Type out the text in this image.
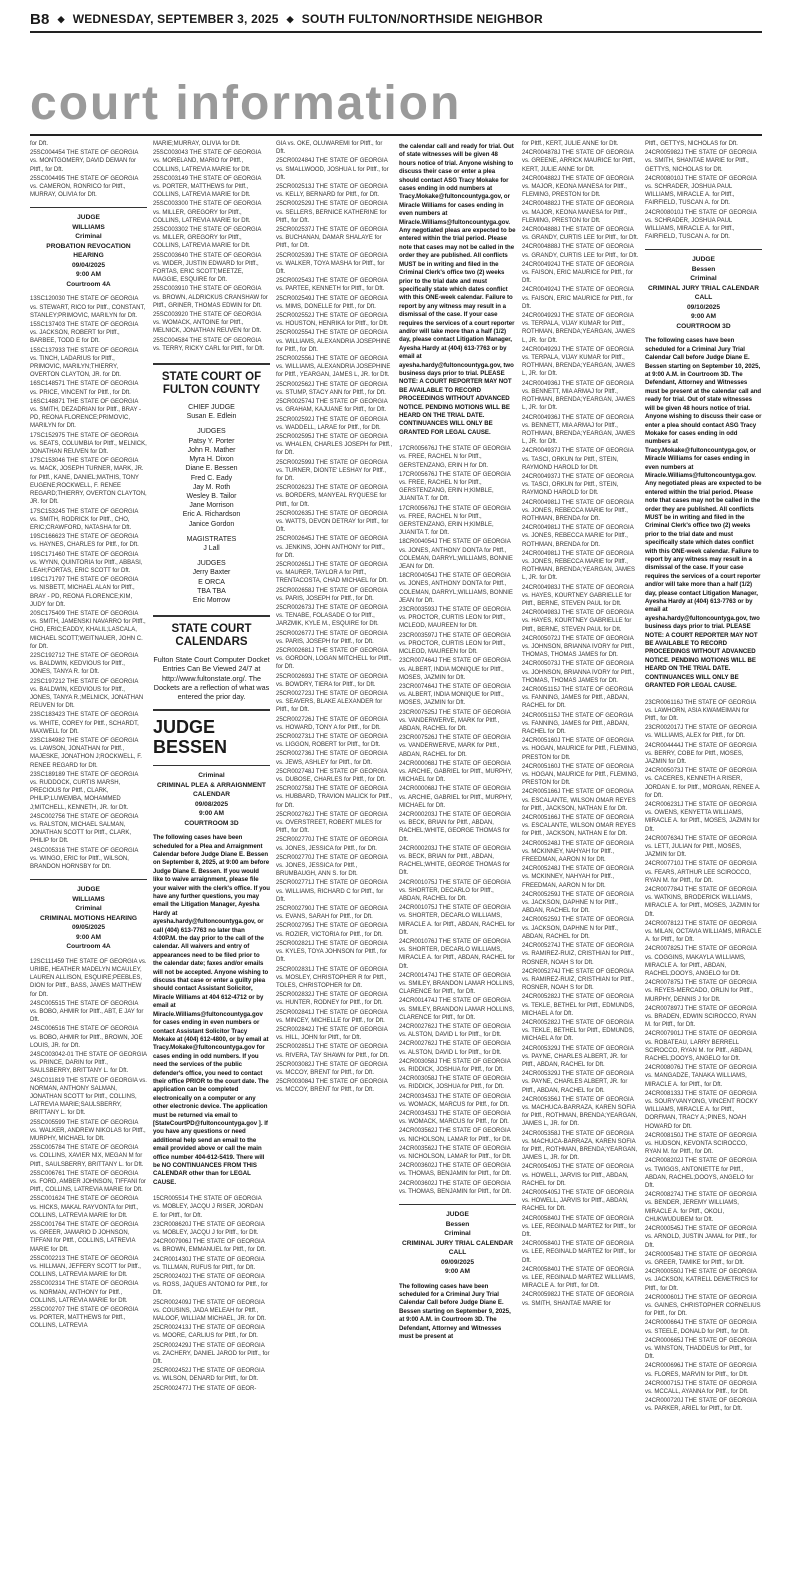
B8 ◆ WEDNESDAY, SEPTEMBER 3, 2025 ◆ SOUTH FULTON/NORTHSIDE NEIGHBOR
court information
for Dft.
25SC004454 THE STATE OF GEORGIA vs. MONTGOMERY, DAVID DEMAN for Pltff., for Dft.
25SC004495 THE STATE OF GEORGIA vs. CAMERON, RONRICO for Pltff., MURRAY, OLIVIA for Dft.
JUDGE
WILLIAMS
Criminal
PROBATION REVOCATION
HEARING
09/04/2025
9:00 AM
Courtroom 4A
13SC120030 THE STATE OF GEORGIA vs. STEWART, RICO for Pltff., CONSTANT, STANLEY;PRIMOVIC, MARILYN for Dft.
15SC137403 THE STATE OF GEORGIA vs. JACKSON, ROBERT for Pltff., BARBEE, TODD E for Dft.
15SC137933 THE STATE OF GEORGIA vs. TINCH, LADARIUS for Pltff., PRIMOVIC, MARILYN;THIERRY, OVERTON CLAYTON, JR. for Dft.
16SC148571 THE STATE OF GEORGIA vs. PRICE, VINCENT for Pltff., for Dft.
16SC148871 THE STATE OF GEORGIA vs. SMITH, DEZADRIAN for Pltff., BRAY - PD, REONA FLORENCE;PRIMOVIC, MARILYN for Dft.
17SC152975 THE STATE OF GEORGIA vs. SEATS, COLUMBIA for Pltff., MELNICK, JONATHAN REUVEN for Dft.
17SC153046 THE STATE OF GEORGIA vs. MACK, JOSEPH TURNER, MARK, JR. for Pltff., KANE, DANIEL;MATHIS, TONY EUGENE;ROCKWELL, F. RENEE REGARD;THIERRY, OVERTON CLAYTON, JR. for Dft.
17SC153245 THE STATE OF GEORGIA vs. SMITH, RODRICK for Pltff., CHO, ERIC;CRAWFORD, NATASHA for Dft.
19SC166623 THE STATE OF GEORGIA vs. HAYNES, CHARLES for Pltff., for Dft.
19SC171460 THE STATE OF GEORGIA vs. WYNN, QUINTORIA for Pltff., ABBASI, LEAH;FORTAS, ERIC SCOTT for Dft.
19SC171797 THE STATE OF GEORGIA vs. NISBETT, MICHAEL ALAN for Pltff., BRAY - PD, REONA FLORENCE;KIM, JUDY for Dft.
20SC175409 THE STATE OF GEORGIA vs. SMITH, JAMENSKI NAVARRO for Pltff., CHO, ERIC;EADDY, KHALIL;LASCALA, MICHAEL SCOTT;WEITNAUER, JOHN C. for Dft.
22SC192712 THE STATE OF GEORGIA vs. BALDWIN, KEDVIOUS for Pltff., JONES, TANYA R. for Dft.
22SC197212 THE STATE OF GEORGIA vs. BALDWIN, KEDVIOUS for Pltff., JONES, TANYA R.;MELNICK, JONATHAN REUVEN for Dft.
23SC183423 THE STATE OF GEORGIA vs. WHITE, COREY for Pltff., SCHARDT, MAXWELL for Dft.
23SC184982 THE STATE OF GEORGIA vs. LAWSON, JONATHAN for Pltff., MAJESKE, JONATHON J;ROCKWELL, F. RENEE REGARD for Dft.
23SC189189 THE STATE OF GEORGIA vs. RUDDOCK, CURTIS MARSH, PRECIOUS for Pltff., CLARK, PHILIP;LUWEMBA, MOHAMMED J;MITCHELL, KENNETH, JR. for Dft.
24SC002756 THE STATE OF GEORGIA vs. RALSTON, MICHAEL SALMAN, JONATHAN SCOTT for Pltff., CLARK, PHILIP for Dft.
24SC005316 THE STATE OF GEORGIA vs. WINGO, ERIC for Pltff., WILSON, BRANDON HORNSBY for Dft.
JUDGE
WILLIAMS
Criminal
CRIMINAL MOTIONS HEARING
09/05/2025
9:00 AM
Courtroom 4A
12SC111459 THE STATE OF GEORGIA vs. URIBE, HEATHER MADELYN MCAULEY, LAUREN ALLISON, ESQUIRE;PEEBLES, DION for Pltff., BASS, JAMES MATTHEW for Dft.
24SC005515 THE STATE OF GEORGIA vs. BOBO, AHMIR for Pltff., ABT, E JAY for Dft.
24SC006516 THE STATE OF GEORGIA vs. BOBO, AHMIR for Pltff., BROWN, JOE LOUIS, JR. for Dft.
24SC003042-01 THE STATE OF GEORGIA vs. PRINCE, DARIN for Pltff., SAULSBERRY, BRITTANY L. for Dft.
24SC011819 THE STATE OF GEORGIA vs. NORMAN, ANTHONY SALMAN, JONATHAN SCOTT for Pltff., COLLINS, LATREVIA MARIE;SAULSBERRY, BRITTANY L. for Dft.
25SC005599 THE STATE OF GEORGIA vs. WALKER, ANDREW NIKOLAS for Pltff., MURPHY, MICHAEL for Dft.
25SC005784 THE STATE OF GEORGIA vs. COLLINS, XAVIER NIX, MEGAN M for Pltff., SAULSBERRY, BRITTANY L. for Dft.
25SC006761 THE STATE OF GEORGIA vs. FORD, AMBER JOHNSON, TIFFANI for Pltff., COLLINS, LATREVIA MARIE for Dft.
25SC001624 THE STATE OF GEORGIA vs. HICKS, MAKAL RAYVONTA for Pltff., COLLINS, LATREVIA MARIE for Dft.
25SC001764 THE STATE OF GEORGIA vs. GREER, JAMARIO D JOHNSON, TIFFANI for Pltff., COLLINS, LATREVIA MARIE for Dft.
25SC002213 THE STATE OF GEORGIA vs. HILLMAN, JEFFERY SCOTT for Pltff., COLLINS, LATREVIA MARIE for Dft.
25SC002314 THE STATE OF GEORGIA vs. NORMAN, ANTHONY for Pltff., COLLINS, LATREVIA MARIE for Dft.
25SC002707 THE STATE OF GEORGIA vs. PORTER, MATTHEWS for Pltff., COLLINS, LATREVIA
MARIE;MURRAY, OLIVIA for Dft.
25SC003043 THE STATE OF GEORGIA vs. MORELAND, MARIO for Pltff., COLLINS, LATREVIA MARIE for Dft.
25SC003149 THE STATE OF GEORGIA vs. PORTER, MATTHEWS for Pltff., COLLINS, LATREVIA MARIE for Dft.
25SC003300 THE STATE OF GEORGIA vs. MILLER, GREGORY for Pltff., COLLINS, LATREVIA MARIE for Dft.
25SC003302 THE STATE OF GEORGIA vs. MILLER, GREGORY for Pltff., COLLINS, LATREVIA MARIE for Dft.
25SC003640 THE STATE OF GEORGIA vs. WIDER, JUSTIN EDWARD for Pltff., FORTAS, ERIC SCOTT;MEETZE, MAGGIE, ESQUIRE for Dft.
25SC003910 THE STATE OF GEORGIA vs. BROWN, ALDRICKUS CRANSHAW for Pltff., GRINER, THOMAS EDWIN for Dft.
25SC003920 THE STATE OF GEORGIA vs. WOMACK, ANTOINE for Pltff., MELNICK, JONATHAN REUVEN for Dft.
25SC004584 THE STATE OF GEORGIA vs. TERRY, RICKY CARL for Pltff., for Dft.
STATE COURT OF FULTON COUNTY
CHIEF JUDGE
Susan E. Edlein
JUDGES
Patsy Y. Porter
John R. Mather
Myra H. Dixon
Diane E. Bessen
Fred C. Eady
Jay M. Roth
Wesley B. Tailor
Jane Morrison
Eric A. Richardson
Janice Gordon
MAGISTRATES
J Lall
JUDGES
Jerry Baxter
E ORCA
TBA TBA
Eric Morrow
STATE COURT CALENDARS
Fulton State Court Computer Docket Entries Can Be Viewed 24/7 at http://www.fultonstate.org/. The Dockets are a reflection of what was entered the prior day.
JUDGE BESSEN
Criminal
CRIMINAL PLEA & ARRAIGNMENT CALENDAR
09/08/2025
9:00 AM
COURTROOM 3D
The following cases have been scheduled for a Plea and Arraignment Calendar before Judge Diane E. Bessen on September 8, 2025, at 9:00 am before Judge Diane E. Bessen. If you would like to waive arraignment, please file your waiver with the clerk's office. If you have any further questions, you may email the Litigation Manager, Ayesha Hardy at ayesha.hardy@fultoncountyga.gov, or call (404) 613-7763 no later than 4:00P.M. the day prior to the call of the calendar. All waivers and entry of appearances need to be filed prior to the calendar date; faxes and/or emails will not be accepted. Anyone wishing to discuss that case or enter a guilty plea should contact Assistant Solicitor, Miracle Williams at 404 612-4712 or by email at Miracle.Williams@fultoncountyga.gov for cases ending in even numbers or contact Assistant Solicitor Tracy Mokake at (404) 612-4800, or by email at Tracy.Mokake@fultoncountyga.gov for cases ending in odd numbers. If you need the services of the public defender's office, you need to contact their office PRIOR to the court date. The application can be completed electronically on a computer or any other electronic device. The application must be returned via email to [StateCourtPD@fultoncountyga.gov ]. If you have any questions or need additional help send an email to the email provided above or call the main office number 404-612-5419. There will be NO CONTINUANCES FROM THIS CALENDAR other than for LEGAL CAUSE.
15CR005514 THE STATE OF GEORGIA vs. MOBLEY, JACQU J RISER, JORDAN E. for Pltff., for Dft.
23CR008620J THE STATE OF GEORGIA vs. MOBLEY, JACQU J for Pltff., for Dft.
24CR007906J THE STATE OF GEORGIA vs. BROWN, EMMANUEL for Pltff., for Dft.
24CR001430J THE STATE OF GEORGIA vs. TILLMAN, RUFUS for Pltff., for Dft.
25CR002402J THE STATE OF GEORGIA vs. ROSS, JAQUES ANTONIO for Pltff., for Dft.
25CR002409J THE STATE OF GEORGIA vs. COUSINS, JADA MELEAH for Pltff., MALOOF, WILLIAM MICHAEL, JR. for Dft.
25CR002413J THE STATE OF GEORGIA vs. MOORE, CARLIUS for Pltff., for Dft.
25CR002429J THE STATE OF GEORGIA vs. ZACHERY, DANIEL JAROD for Pltff., for Dft.
25CR002452J THE STATE OF GEORGIA vs. WILSON, DENARD for Pltff., for Dft.
25CR002477J THE STATE OF GEOR-
GIA vs. OKE, OLUWAREMI for Pltff., for Dft.
25CR002484J THE STATE OF GEORGIA vs. SMALLWOOD, JOSHUA L for Pltff., for Dft.
25CR002513J THE STATE OF GEORGIA vs. KELLY, BERNARD for Pltff., for Dft.
25CR002529J THE STATE OF GEORGIA vs. SELLERS, BERNICE KATHERINE for Pltff., for Dft.
25CR002537J THE STATE OF GEORGIA vs. BUCHANAN, DAMAR SHALAYE for Pltff., for Dft.
25CR002539J THE STATE OF GEORGIA vs. WALKER, TOYA MASHA for Pltff., for Dft.
25CR002543J THE STATE OF GEORGIA vs. PARTEE, KENNETH for Pltff., for Dft.
25CR002549J THE STATE OF GEORGIA vs. MIMS, DONELLE for Pltff., for Dft.
25CR002552J THE STATE OF GEORGIA vs. HOUSTON, HENRIKA for Pltff., for Dft.
25CR002554J THE STATE OF GEORGIA vs. WILLIAMS, ALEXANDRIA JOSEPHINE for Pltff., for Dft.
25CR002556J THE STATE OF GEORGIA vs. WILLIAMS, ALEXANDRIA JOSEPHINE for Pltff., YEARGAN, JAMES L, JR. for Dft.
25CR002562J THE STATE OF GEORGIA vs. STUMP, STACY ANN for Pltff., for Dft.
25CR002574J THE STATE OF GEORGIA vs. GRAHAM, KAJUANE for Pltff., for Dft.
25CR002592J THE STATE OF GEORGIA vs. WADDELL, LARAE for Pltff., for Dft.
25CR002595J THE STATE OF GEORGIA vs. WHALEN, CHARLES JOSEPH for Pltff., for Dft.
25CR002599J THE STATE OF GEORGIA vs. TURNER, DIONTE' LESHAY for Pltff., for Dft.
25CR002623J THE STATE OF GEORGIA vs. BORDERS, MANYEAL RYQUESE for Pltff., for Dft.
25CR002635J THE STATE OF GEORGIA vs. WATTS, DEVON DETRAY for Pltff., for Dft.
25CR002645J THE STATE OF GEORGIA vs. JENKINS, JOHN ANTHONY for Pltff., for Dft.
25CR002651J THE STATE OF GEORGIA vs. MAURER, TAYLOR A for Pltff., TRENTACOSTA, CHAD MICHAEL for Dft.
25CR002658J THE STATE OF GEORGIA vs. PARIS, JOSEPH for Pltff., for Dft.
25CR002673J THE STATE OF GEORGIA vs. TENABE, FOLASADE O for Pltff., JARZMIK, KYLE M., ESQUIRE for Dft.
25CR002677J THE STATE OF GEORGIA vs. PARIS, JOSEPH for Pltff., for Dft.
25CR002681J THE STATE OF GEORGIA vs. GORDON, LOGAN MITCHELL for Pltff., for Dft.
25CR002693J THE STATE OF GEORGIA vs. BOWDRY, TIERA for Pltff., for Dft.
25CR002723J THE STATE OF GEORGIA vs. SEAVERS, BLAKE ALEXANDER for Pltff., for Dft.
25CR002726J THE STATE OF GEORGIA vs. HOWARD, TONY A for Pltff., for Dft.
25CR002731J THE STATE OF GEORGIA vs. LIGGON, ROBERT for Pltff., for Dft.
25CR002736J THE STATE OF GEORGIA vs. JEWS, ASHLEY for Pltff., for Dft.
25CR002748J THE STATE OF GEORGIA vs. DUBOSE, CHARLES for Pltff., for Dft.
25CR002758J THE STATE OF GEORGIA vs. HUBBARD, TRAVION MALICK for Pltff., for Dft.
25CR002762J THE STATE OF GEORGIA vs. OVERSTREET, ROBERT MILES for Pltff., for Dft.
25CR002770J THE STATE OF GEORGIA vs. JONES, JESSICA for Pltff., for Dft.
25CR002770J THE STATE OF GEORGIA vs. JONES, JESSICA for Pltff., BRUMBAUGH, ANN S. for Dft.
25CR002771J THE STATE OF GEORGIA vs. WILLIAMS, RICHARD C for Pltff., for Dft.
25CR002790J THE STATE OF GEORGIA vs. EVANS, SARAH for Pltff., for Dft.
25CR002795J THE STATE OF GEORGIA vs. ROZIER, VICTORIA for Pltff., for Dft.
25CR002821J THE STATE OF GEORGIA vs. KYLES, TOYA JOHNSON for Pltff., for Dft.
25CR002831J THE STATE OF GEORGIA vs. MOSLEY, CHRISTOPHER R for Pltff., TOLES, CHRISTOPHER for Dft.
25CR002832J THE STATE OF GEORGIA vs. HUNTER, RODNEY for Pltff., for Dft.
25CR002841J THE STATE OF GEORGIA vs. MINCEY, MICHELLE for Pltff., for Dft.
25CR002842J THE STATE OF GEORGIA vs. HILL, JOHN for Pltff., for Dft.
25CR002851J THE STATE OF GEORGIA vs. RIVERA, TAY SHAWN for Pltff., for Dft.
25CR003082J THE STATE OF GEORGIA vs. MCCOY, BRENT for Pltff., for Dft.
25CR003084J THE STATE OF GEORGIA vs. MCCOY, BRENT for Pltff., for Dft.
the calendar call and ready for trial. Out of state witnesses will be given 48 hours notice of trial. Anyone wishing to discuss their case or enter a plea should contact ASG Tracy Mokake for cases ending in odd numbers at Tracy.Mokake@fultoncountyga.gov, or Miracle Williams for cases ending in even numbers at Miracle.Williams@fultoncountyga.gov. Any negotiated pleas are expected to be entered within the trial period. Please note that cases may not be called in the order they are published. All conflicts MUST be in writing and filed in the Criminal Clerk's office two (2) weeks prior to the trial date and must specifically state which dates conflict with this ONE-week calendar. Failure to report by any witness may result in a dismissal of the case. If your case requires the services of a court reporter and/or will take more than a half (1/2) day, please contact Litigation Manager, Ayesha Hardy at (404) 613-7763 or by email at ayesha.hardy@fultoncountyga.gov, two business days prior to trial. PLEASE NOTE: A COURT REPORTER MAY NOT BE AVAILABLE TO RECORD PROCEEDINGS WITHOUT ADVANCED NOTICE. PENDING MOTIONS WILL BE HEARD ON THE TRIAL DATE. CONTINUANCES WILL ONLY BE GRANTED FOR LEGAL CAUSE.
17CR005676J THE STATE OF GEORGIA vs. FREE, RACHEL N for Pltff., GERSTENZANG, ERIN H for Dft.
17CR005676J THE STATE OF GEORGIA vs. FREE, RACHEL N for Pltff., GERSTENZANG, ERIN H;KIMBLE, JUANITA T. for Dft.
17CR005676J THE STATE OF GEORGIA vs. FREE, RACHEL N for Pltff., GERSTENZANG, ERIN H;KIMBLE, JUANITA T. for Dft.
18CR004054J THE STATE OF GEORGIA vs. JONES, ANTHONY DONTA for Pltff., COLEMAN, DARRYL;WILLIAMS, BONNIE JEAN for Dft.
18CR004054J THE STATE OF GEORGIA vs. JONES, ANTHONY DONTA for Pltff., COLEMAN, DARRYL;WILLIAMS, BONNIE JEAN for Dft.
23CR003593J THE STATE OF GEORGIA vs. PROCTOR, CURTIS LEON for Pltff., MCLEOD, MAUREEN for Dft.
23CR003597J THE STATE OF GEORGIA vs. PROCTOR, CURTIS LEON for Pltff., MCLEOD, MAUREEN for Dft.
23CR007464J THE STATE OF GEORGIA vs. ALBERT, INDIA MONIQUE for Pltff., MOSES, JAZMIN for Dft.
23CR007464J THE STATE OF GEORGIA vs. ALBERT, INDIA MONIQUE for Pltff., MOSES, JAZMIN for Dft.
23CR007525J THE STATE OF GEORGIA vs. VANDERWERVE, MARK for Pltff., ABDAN, RACHEL for Dft.
23CR007526J THE STATE OF GEORGIA vs. VANDERWERVE, MARK for Pltff., ABDAN, RACHEL for Dft.
24CR000068J THE STATE OF GEORGIA vs. ARCHIE, GABRIEL for Pltff., MURPHY, MICHAEL for Dft.
24CR000068J THE STATE OF GEORGIA vs. ARCHIE, GABRIEL for Pltff., MURPHY, MICHAEL for Dft.
24CR000203J THE STATE OF GEORGIA vs. BECK, BRIAN for Pltff., ABDAN, RACHEL;WHITE, GEORGE THOMAS for Dft.
24CR000203J THE STATE OF GEORGIA vs. BECK, BRIAN for Pltff., ABDAN, RACHEL;WHITE, GEORGE THOMAS for Dft.
24CR001075J THE STATE OF GEORGIA vs. SHORTER, DECARLO for Pltff., ABDAN, RACHEL for Dft.
24CR001075J THE STATE OF GEORGIA vs. SHORTER, DECARLO WILLIAMS, MIRACLE A. for Pltff., ABDAN, RACHEL for Dft.
24CR001076J THE STATE OF GEORGIA vs. SHORTER, DECARLO WILLIAMS, MIRACLE A. for Pltff., ABDAN, RACHEL for Dft.
24CR001474J THE STATE OF GEORGIA vs. SMILEY, BRANDON LAMAR HOLLINS, CLARENCE for Pltff., for Dft.
24CR001474J THE STATE OF GEORGIA vs. SMILEY, BRANDON LAMAR HOLLINS, CLARENCE for Pltff., for Dft.
24CR002762J THE STATE OF GEORGIA vs. ALSTON, DAVID L for Pltff., for Dft.
24CR002762J THE STATE OF GEORGIA vs. ALSTON, DAVID L for Pltff., for Dft.
24CR003058J THE STATE OF GEORGIA vs. RIDDICK, JOSHUA for Pltff., for Dft.
24CR003058J THE STATE OF GEORGIA vs. RIDDICK, JOSHUA for Pltff., for Dft.
24CR003453J THE STATE OF GEORGIA vs. WOMACK, MARCUS for Pltff., for Dft.
24CR003453J THE STATE OF GEORGIA vs. WOMACK, MARCUS for Pltff., for Dft.
24CR003562J THE STATE OF GEORGIA vs. NICHOLSON, LAMAR for Pltff., for Dft.
24CR003562J THE STATE OF GEORGIA vs. NICHOLSON, LAMAR for Pltff., for Dft.
24CR003602J THE STATE OF GEORGIA vs. THOMAS, BENJAMIN for Pltff., for Dft.
24CR003602J THE STATE OF GEORGIA vs. THOMAS, BENJAMIN for Pltff., for Dft.
JUDGE
Bessen
Criminal
CRIMINAL JURY TRIAL CALENDAR CALL
09/09/2025
9:00 AM
The following cases have been scheduled for a Criminal Jury Trial Calendar Call before Judge Diane E. Bessen starting on September 9, 2025, at 9:00 A.M. in Courtroom 3D. The Defendant, Attorney and Witnesses must be present at
for Pltff., KERT, JULIE ANNE for Dft.
24CR004878J THE STATE OF GEORGIA vs. GREENE, ARRICK MAURICE for Pltff., KERT, JULIE ANNE for Dft.
24CR004882J THE STATE OF GEORGIA vs. MAJOR, KEONA MANESA for Pltff., FLEMING, PRESTON for Dft.
24CR004882J THE STATE OF GEORGIA vs. MAJOR, KEONA MANESA for Pltff., FLEMING, PRESTON for Dft.
24CR004888J THE STATE OF GEORGIA vs. GRANDY, CURTIS LEE for Pltff., for Dft.
24CR004888J THE STATE OF GEORGIA vs. GRANDY, CURTIS LEE for Pltff., for Dft.
24CR004924J THE STATE OF GEORGIA vs. FAISON, ERIC MAURICE for Pltff., for Dft.
24CR004924J THE STATE OF GEORGIA vs. FAISON, ERIC MAURICE for Pltff., for Dft.
24CR004929J THE STATE OF GEORGIA vs. TERPALA, VIJAY KUMAR for Pltff., ROTHMAN, BRENDA;YEARGAN, JAMES L, JR. for Dft.
24CR004929J THE STATE OF GEORGIA vs. TERPALA, VIJAY KUMAR for Pltff., ROTHMAN, BRENDA;YEARGAN, JAMES L, JR. for Dft.
24CR004936J THE STATE OF GEORGIA vs. BENNETT, MIA ARMAJ for Pltff., ROTHMAN, BRENDA;YEARGAN, JAMES L, JR. for Dft.
24CR004936J THE STATE OF GEORGIA vs. BENNETT, MIA ARMAJ for Pltff., ROTHMAN, BRENDA;YEARGAN, JAMES L, JR. for Dft.
24CR004937J THE STATE OF GEORGIA vs. TASCI, ORKUN for Pltff., STEIN, RAYMOND HAROLD for Dft.
24CR004937J THE STATE OF GEORGIA vs. TASCI, ORKUN for Pltff., STEIN, RAYMOND HAROLD for Dft.
24CR004981J THE STATE OF GEORGIA vs. JONES, REBECCA MARIE for Pltff., ROTHMAN, BRENDA for Dft.
24CR004981J THE STATE OF GEORGIA vs. JONES, REBECCA MARIE for Pltff., ROTHMAN, BRENDA for Dft.
24CR004981J THE STATE OF GEORGIA vs. JONES, REBECCA MARIE for Pltff., ROTHMAN, BRENDA;YEARGAN, JAMES L, JR. for Dft.
24CR004983J THE STATE OF GEORGIA vs. HAYES, KOURTNEY GABRIELLE for Pltff., BERNE, STEVEN PAUL for Dft.
24CR004983J THE STATE OF GEORGIA vs. HAYES, KOURTNEY GABRIELLE for Pltff., BERNE, STEVEN PAUL for Dft.
24CR005072J THE STATE OF GEORGIA vs. JOHNSON, BRIANNA IVORY for Pltff., THOMAS, THOMAS JAMES for Dft.
24CR005073J THE STATE OF GEORGIA vs. JOHNSON, BRIANNA IVORY for Pltff., THOMAS, THOMAS JAMES for Dft.
24CR005115J THE STATE OF GEORGIA vs. FANNING, JAMES for Pltff., ABDAN, RACHEL for Dft.
24CR005115J THE STATE OF GEORGIA vs. FANNING, JAMES for Pltff., ABDAN, RACHEL for Dft.
24CR005160J THE STATE OF GEORGIA vs. HOGAN, MAURICE for Pltff., FLEMING, PRESTON for Dft.
24CR005160J THE STATE OF GEORGIA vs. HOGAN, MAURICE for Pltff., FLEMING, PRESTON for Dft.
24CR005166J THE STATE OF GEORGIA vs. ESCALANTE, WILSON OMAR REYES for Pltff., JACKSON, NATHAN E for Dft.
24CR005166J THE STATE OF GEORGIA vs. ESCALANTE, WILSON OMAR REYES for Pltff., JACKSON, NATHAN E for Dft.
24CR005248J THE STATE OF GEORGIA vs. MCKINNEY, NAHYAH for Pltff., FREEDMAN, AARON N for Dft.
24CR005248J THE STATE OF GEORGIA vs. MCKINNEY, NAHYAH for Pltff., FREEDMAN, AARON N for Dft.
24CR005259J THE STATE OF GEORGIA vs. JACKSON, DAPHNE N for Pltff., ABDAN, RACHEL for Dft.
24CR005259J THE STATE OF GEORGIA vs. JACKSON, DAPHNE N for Pltff., ABDAN, RACHEL for Dft.
24CR005274J THE STATE OF GEORGIA vs. RAMIREZ-RUIZ, CRISTHIAN for Pltff., ROSNER, NOAH S for Dft.
24CR005274J THE STATE OF GEORGIA vs. RAMIREZ-RUIZ, CRISTHIAN for Pltff., ROSNER, NOAH S for Dft.
24CR005282J THE STATE OF GEORGIA vs. TEKLE, BETHEL for Pltff., EDMUNDS, MICHAEL A for Dft.
24CR005282J THE STATE OF GEORGIA vs. TEKLE, BETHEL for Pltff., EDMUNDS, MICHAEL A for Dft.
24CR005329J THE STATE OF GEORGIA vs. PAYNE, CHARLES ALBERT, JR. for Pltff., ABDAN, RACHEL for Dft.
24CR005329J THE STATE OF GEORGIA vs. PAYNE, CHARLES ALBERT, JR. for Pltff., ABDAN, RACHEL for Dft.
24CR005356J THE STATE OF GEORGIA vs. MACHUCA-BARRAZA, KAREN SOFIA for Pltff., ROTHMAN, BRENDA;YEARGAN, JAMES L, JR. for Dft.
24CR005358J THE STATE OF GEORGIA vs. MACHUCA-BARRAZA, KAREN SOFIA for Pltff., ROTHMAN, BRENDA;YEARGAN, JAMES L, JR. for Dft.
24CR005405J THE STATE OF GEORGIA vs. HOWELL, JARVIS for Pltff., ABDAN, RACHEL for Dft.
24CR005405J THE STATE OF GEORGIA vs. HOWELL, JARVIS for Pltff., ABDAN, RACHEL for Dft.
24CR005840J THE STATE OF GEORGIA vs. LEE, REGINALD MARTEZ for Pltff., for Dft.
24CR005840J THE STATE OF GEORGIA vs. LEE, REGINALD MARTEZ for Pltff., for Dft.
24CR005840J THE STATE OF GEORGIA vs. LEE, REGINALD MARTEZ WILLIAMS, MIRACLE A. for Pltff., for Dft.
24CR005982J THE STATE OF GEORGIA vs. SMITH, SHANTAE MARIE for
Pltff., GETTYS, NICHOLAS for Dft.
24CR005982J THE STATE OF GEORGIA vs. SMITH, SHANTAE MARIE for Pltff., GETTYS, NICHOLAS for Dft.
24CR008010J THE STATE OF GEORGIA vs. SCHRADER, JOSHUA PAUL WILLIAMS, MIRACLE A. for Pltff., FAIRFIELD, TUSCAN A. for Dft.
24CR008010J THE STATE OF GEORGIA vs. SCHRADER, JOSHUA PAUL WILLIAMS, MIRACLE A. for Pltff., FAIRFIELD, TUSCAN A. for Dft.
JUDGE
Bessen
Criminal
CRIMINAL JURY TRIAL CALENDAR CALL
09/10/2025
9:00 AM
COURTROOM 3D
The following cases have been scheduled for a Criminal Jury Trial Calendar Call before Judge Diane E. Bessen starting on September 10, 2025, at 9:00 A.M. in Courtroom 3D. The Defendant, Attorney and Witnesses must be present at the calendar call and ready for trial. Out of state witnesses will be given 48 hours notice of trial. Anyone wishing to discuss their case or enter a plea should contact ASG Tracy Mokake for cases ending in odd numbers at Tracy.Mokake@fultoncountyga.gov, or Miracle Williams for cases ending in even numbers at Miracle.Williams@fultoncountyga.gov. Any negotiated pleas are expected to be entered within the trial period. Please note that cases may not be called in the order they are published. All conflicts MUST be in writing and filed in the Criminal Clerk's office two (2) weeks prior to the trial date and must specifically state which dates conflict with this ONE-week calendar. Failure to report by any witness may result in a dismissal of the case. If your case requires the services of a court reporter and/or will take more than a half (1/2) day, please contact Litigation Manager, Ayesha Hardy at (404) 613-7763 or by email at ayesha.hardy@fultoncountyga.gov, two business days prior to trial. PLEASE NOTE: A COURT REPORTER MAY NOT BE AVAILABLE TO RECORD PROCEEDINGS WITHOUT ADVANCED NOTICE. PENDING MOTIONS WILL BE HEARD ON THE TRIAL DATE. CONTINUANCES WILL ONLY BE GRANTED FOR LEGAL CAUSE.
23CR006116J THE STATE OF GEORGIA vs. LAWHORN, ASIA KWAMEIMAN for Pltff., for Dft.
23CR002017J THE STATE OF GEORGIA vs. WILLIAMS, ALEX for Pltff., for Dft.
24CR004444J THE STATE OF GEORGIA vs. BERRY, COBE for Pltff., MOSES, JAZMIN for Dft.
24CR005073J THE STATE OF GEORGIA vs. CACERES, KENNETH A RISER, JORDAN E. for Pltff., MORGAN, RENEE A. for Dft.
24CR006231J THE STATE OF GEORGIA vs. OWENS, KENYETTA WILLIAMS, MIRACLE A. for Pltff., MOSES, JAZMIN for Dft.
24CR007634J THE STATE OF GEORGIA vs. LETT, JULIAN for Pltff., MOSES, JAZMIN for Dft.
24CR007710J THE STATE OF GEORGIA vs. FEARS, ARTHUR LEE SCIROCCO, RYAN M. for Pltff., for Dft.
24CR007784J THE STATE OF GEORGIA vs. WATKINS, BRODERICK WILLIAMS, MIRACLE A. for Pltff., MOSES, JAZMIN for Dft.
24CR007812J THE STATE OF GEORGIA vs. MILAN, OCTAVIA WILLIAMS, MIRACLE A. for Pltff., for Dft.
24CR007825J THE STATE OF GEORGIA vs. COGGINS, MAKAYLA WILLIAMS, MIRACLE A. for Pltff., ABDAN, RACHEL;DOOYS, ANGELO for Dft.
24CR007875J THE STATE OF GEORGIA vs. REYES-MERCADO, ORLIN for Pltff., MURPHY, DENNIS J for Dft.
24CR007897J THE STATE OF GEORGIA vs. BRADEN, EDWIN SCIROCCO, RYAN M. for Pltff., for Dft.
24CR007901J THE STATE OF GEORGIA vs. ROBATEAU, LARRY BERRELL SCIROCCO, RYAN M. for Pltff., ABDAN, RACHEL;DOOYS, ANGELO for Dft.
24CR008076J THE STATE OF GEORGIA vs. MANGADZE, TANAKA WILLIAMS, MIRACLE A. for Pltff., for Dft.
24CR008133J THE STATE OF GEORGIA vs. SOURYVANYONG, VINCENT ROCKY WILLIAMS, MIRACLE A. for Pltff., DORFMAN, TRACY A.;PINES, NOAH HOWARD for Dft.
24CR008150J THE STATE OF GEORGIA vs. HUDSON, KEVONTA SCIROCCO, RYAN M. for Pltff., for Dft.
24CR008202J THE STATE OF GEORGIA vs. TWIGGS, ANTONIETTE for Pltff., ABDAN, RACHEL;DOOYS, ANGELO for Dft.
24CR008274J THE STATE OF GEORGIA vs. BENDER, JEREMY WILLIAMS, MIRACLE A. for Pltff., OKOLI, CHUKWUDUBEM for Dft.
24CR000545J THE STATE OF GEORGIA vs. ARNOLD, JUSTIN JAMAL for Pltff., for Dft.
24CR000548J THE STATE OF GEORGIA vs. GREER, TAMIKE for Pltff., for Dft.
24CR000550J THE STATE OF GEORGIA vs. JACKSON, KATRELL DEMETRICS for Pltff., for Dft.
24CR000601J THE STATE OF GEORGIA vs. GAINES, CHRISTOPHER CORNELIUS for Pltff., for Dft.
24CR000664J THE STATE OF GEORGIA vs. STEELE, DONALD for Pltff., for Dft.
24CR000665J THE STATE OF GEORGIA vs. WINSTON, THADDEUS for Pltff., for Dft.
24CR000696J THE STATE OF GEORGIA vs. FLORES, MARVIN for Pltff., for Dft.
24CR000715J THE STATE OF GEORGIA vs. MCCALL, AYANNA for Pltff., for Dft.
24CR000720J THE STATE OF GEORGIA vs. PARKER, ARIEL for Pltff., for Dft.
